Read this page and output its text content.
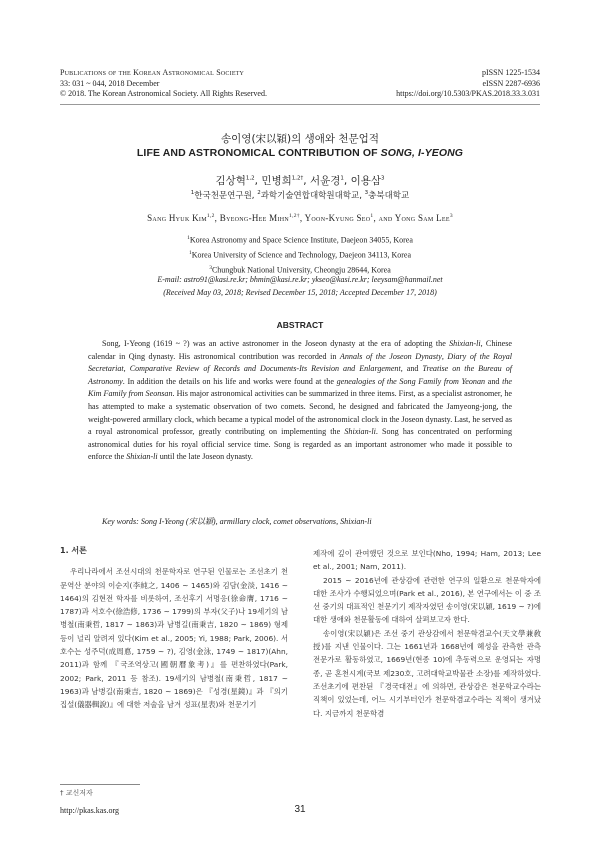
Publications of the Korean Astronomical Society
33: 031 ~ 044, 2018 December
© 2018. The Korean Astronomical Society. All Rights Reserved.
pISSN 1225-1534
eISSN 2287-6936
https://doi.org/10.5303/PKAS.2018.33.3.031
송이영(宋以穎)의 생애와 천문업적
LIFE AND ASTRONOMICAL CONTRIBUTION OF SONG, I-YEONG
김상혁$^{1,2}$, 민병희$^{1,2\dagger}$, 서윤경$^1$, 이용삼$^3$
$^1$한국천문연구원, $^2$과학기술연합대학원대학교, $^3$충북대학교
Sang Hyuk Kim$^{1,2}$, Byeong-Hee Mihn$^{1,2\dagger}$, Yoon-Kyung Seo$^1$, and Yong Sam Lee$^3$
$^1$Korea Astronomy and Space Science Institute, Daejeon 34055, Korea
$^1$Korea University of Science and Technology, Daejeon 34113, Korea
$^3$Chungbuk National University, Cheongju 28644, Korea
E-mail: astro91@kasi.re.kr; bhmin@kasi.re.kr; ykseo@kasi.re.kr; leeysam@hanmail.net
(Received May 03, 2018; Revised December 15, 2018; Accepted December 17, 2018)
ABSTRACT
Song, I-Yeong (1619 ~ ?) was an active astronomer in the Joseon dynasty at the era of adopting the Shixian-li, Chinese calendar in Qing dynasty. His astronomical contribution was recorded in Annals of the Joseon Dynasty, Diary of the Royal Secretariat, Comparative Review of Records and Documents-Its Revision and Enlargement, and Treatise on the Bureau of Astronomy. In addition the details on his life and works were found at the genealogies of the Song Family from Yeonan and the Kim Family from Seonsan. His major astronomical activities can be summarized in three items. First, as a specialist astronomer, he has attempted to make a systematic observation of two comets. Second, he designed and fabricated the Jamyeong-jong, the weight-powered armillary clock, which became a typical model of the astronomical clock in the Joseon dynasty. Last, he served as a royal astronomical professor, greatly contributing on implementing the Shixian-li. Song has concentrated on performing astronomical duties for his royal official service time. Song is regarded as an important astronomer who made it possible to enforce the Shixian-li until the late Joseon dynasty.
Key words: Song I-Yeong (宋以穎), armillary clock, comet observations, Shixian-li
1. 서론

우리나라에서 조선시대의 천문학자로 연구된 인물로는 조선초기 천문역산 분야의 이순지(李純之, 1406 ~ 1465)와 김담(金淡, 1416 ~ 1464)의 김현전 학자를 비롯하여, 조선후기 서명응(徐命膺, 1716 ~ 1787)과 서호수(徐浩修, 1736 ~ 1799)의 부자(父子)나 19세기의 남병철(南秉哲, 1817 ~ 1863)과 남병길(南秉吉, 1820 ~ 1869) 형제 등이 널리 알려져 있다(Kim et al., 2005; Yi, 1988; Park, 2006). 서호수는 성주덕(成周悳, 1759 ~ ?), 김영(金泳, 1749 ~ 1817)(Ahn, 2011)과 함께 『국조역상고(國朝曆象考)』를 편찬하였다(Park, 2002; Park, 2011 등 참조). 19세기의 남병철(南秉哲, 1817 ~ 1963)과 남병길(南秉吉, 1820 ~ 1869)은 『성경(星鏡)』과 『의기집설(儀器輯說)』에 대한 저술을 남겨 성표(星表)와 천문기기

제작에 깊이 관여했던 것으로 보인다(Nho, 1994; Ham, 2013; Lee et al., 2001; Nam, 2011).

2015 ~ 2016년에 관상감에 관련한 연구의 일환으로 천문학자에 대한 조사가 수행되었으며(Park et al., 2016), 본 연구에서는 이 중 조선 중기의 대표적인 천문기기 제작자였던 송이영(宋以穎, 1619 ~ ?)에 대한 생애와 천문활동에 대하여 살펴보고자 한다.

송이영(宋以穎)은 조선 중기 관상감에서 천문학겸교수(天文學兼敎授)를 지낸 인물이다. 그는 1661년과 1668년에 혜성을 관측한 관측 전문가로 활동하였고, 1669년(현종 10)에 추동력으로 운영되는 자명종, 곧 혼천시계(국보 제230호, 고려대학교박물관 소장)를 제작하였다. 조선초기에 편찬된 『경국대전』에 의하면, 관상감은 천문학교수라는 직책이 있었는데, 어느 시기부터인가 천문학겸교수라는 직책이 생겨났다. 지금까지 천문학겸

† 교신저자
http://pkas.kas.org	31
